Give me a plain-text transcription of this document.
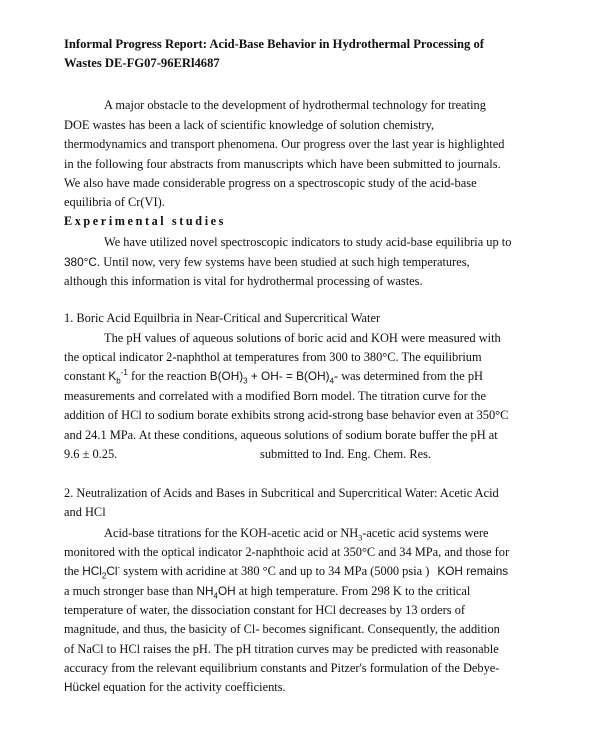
Informal Progress Report: Acid-Base Behavior in Hydrothermal Processing of
Wastes DE-FG07-96ERl4687
A major obstacle to the development of hydrothermal technology for treating
DOE wastes has been a lack of scientific knowledge of solution chemistry,
thermodynamics and transport phenomena. Our progress over the last year is highlighted
in the following four abstracts from manuscripts which have been submitted to journals.
We also have made considerable progress on a spectroscopic study of the acid-base
equilibria of Cr(VI).
Experimental studies
We have utilized novel spectroscopic indicators to study acid-base equilibria up to
380°C. Until now, very few systems have been studied at such high temperatures,
although this information is vital for hydrothermal processing of wastes.
1. Boric Acid Equilbria in Near-Critical and Supercritical Water
The pH values of aqueous solutions of boric acid and KOH were measured with
the optical indicator 2-naphthol at temperatures from 300 to 380°C. The equilibrium
constant $K_b^{-1}$ for the reaction $B(OH)_3 + OH- = B(OH)_4-$ was determined from the pH
measurements and correlated with a modified Born model. The titration curve for the
addition of HCl to sodium borate exhibits strong acid-strong base behavior even at 350°C
and 24.1 MPa. At these conditions, aqueous solutions of sodium borate buffer the pH at
9.6 ± 0.25.	submitted to Ind. Eng. Chem. Res.
2. Neutralization of Acids and Bases in Subcritical and Supercritical Water: Acetic Acid
and HCl
Acid-base titrations for the KOH-acetic acid or $NH_3$-acetic acid systems were
monitored with the optical indicator 2-naphthoic acid at 350°C and 34 MPa, and those for
the HCl$_2$Cl- system with acridine at 380 °C and up to 34 MPa (5000 psia ) KOH remains
a much stronger base than $NH_4OH$ at high temperature. From 298 K to the critical
temperature of water, the dissociation constant for HCl decreases by 13 orders of
magnitude, and thus, the basicity of Cl- becomes significant. Consequently, the addition
of NaCl to HCl raises the pH. The pH titration curves may be predicted with reasonable
accuracy from the relevant equilibrium constants and Pitzer's formulation of the Debye-
Hückel equation for the activity coefficients.
